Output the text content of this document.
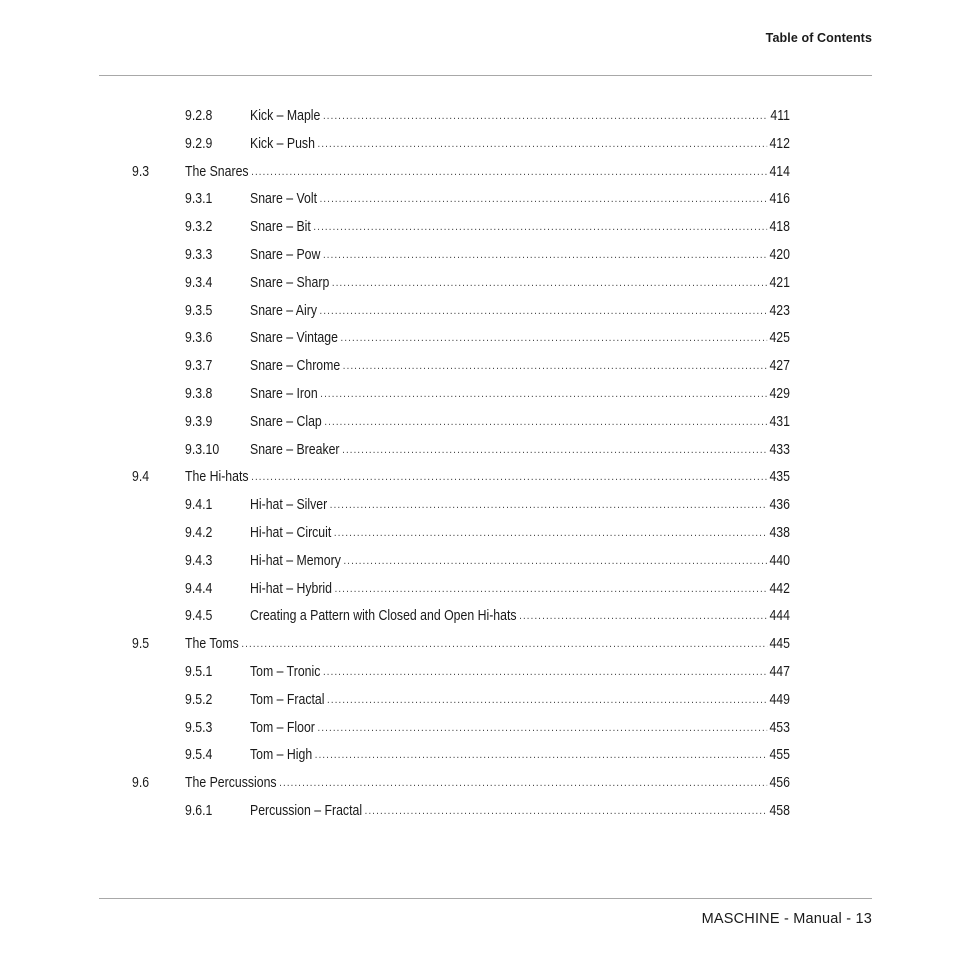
Table of Contents
9.2.8	Kick – Maple .....	411
9.2.9	Kick – Push .....	412
9.3	The Snares .....	414
9.3.1	Snare – Volt .....	416
9.3.2	Snare – Bit .....	418
9.3.3	Snare – Pow .....	420
9.3.4	Snare – Sharp .....	421
9.3.5	Snare – Airy .....	423
9.3.6	Snare – Vintage .....	425
9.3.7	Snare – Chrome .....	427
9.3.8	Snare – Iron .....	429
9.3.9	Snare – Clap .....	431
9.3.10 Snare – Breaker .....	433
9.4	The Hi-hats .....	435
9.4.1	Hi-hat – Silver .....	436
9.4.2	Hi-hat – Circuit .....	438
9.4.3	Hi-hat – Memory .....	440
9.4.4	Hi-hat – Hybrid .....	442
9.4.5	Creating a Pattern with Closed and Open Hi-hats .....	444
9.5	The Toms .....	445
9.5.1	Tom – Tronic .....	447
9.5.2	Tom – Fractal .....	449
9.5.3	Tom – Floor .....	453
9.5.4	Tom – High .....	455
9.6	The Percussions .....	456
9.6.1	Percussion – Fractal .....	458
MASCHINE - Manual - 13
